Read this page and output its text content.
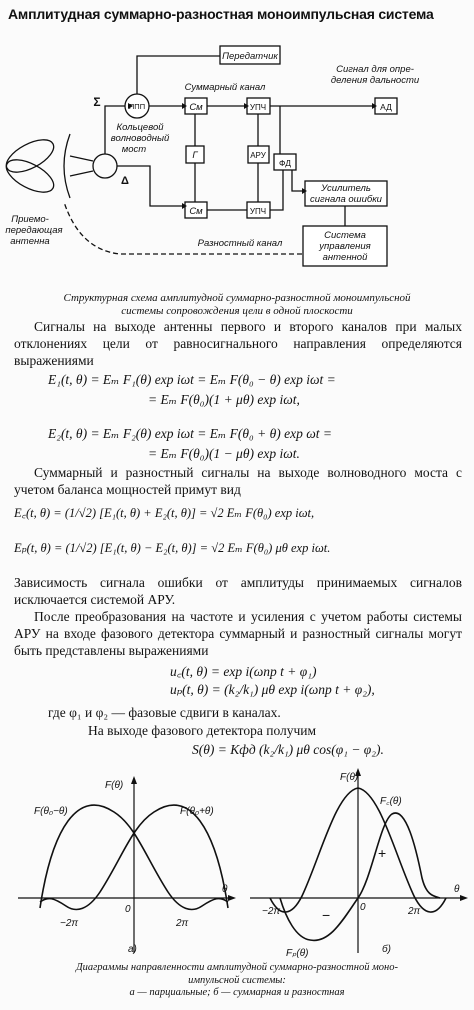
Амплитудная суммарно-разностная моноимпульсная система
Передатчик
ППП	См	УПЧ
Г	АРУ
ФД
См	УПЧ
АД
Усилитель
сигнала ошибки
Система
управления
антенной
Σ
Δ
Кольцевой
волноводный
мост
Суммарный канал
Сигнал для опре-
деления дальности
Приемо-
передающая
антенна	Разностный канал
Структурная схема амплитудной суммарно-разностной моноимпульсной
системы сопровождения цели в одной плоскости
Сигналы на выходе антенны первого и второго каналов при малых отклонениях цели от равносигнального направления определяются выражениями
E₁(t, θ) = Eₘ F₁(θ) exp iωt = Eₘ F(θ₀ − θ) exp iωt =
= Eₘ F(θ₀)(1 + μθ) exp iωt,
E₂(t, θ) = Eₘ F₂(θ) exp iωt = Eₘ F(θ₀ + θ) exp ωt =
= Eₘ F(θ₀)(1 − μθ) exp iωt.
Суммарный и разностный сигналы на выходе волноводного моста с учетом баланса мощностей примут вид
E꜀(t, θ) = (1/√2) [E₁(t, θ) + E₂(t, θ)] = √2 Eₘ F(θ₀) exp iωt,
Eₚ(t, θ) = (1/√2) [E₁(t, θ) − E₂(t, θ)] = √2 Eₘ F(θ₀) μθ exp iωt.
Зависимость сигнала ошибки от амплитуды принимаемых сигналов исключается системой АРУ.
После преобразования на частоте и усиления с учетом работы системы АРУ на входе фазового детектора суммарный и разностный сигналы могут быть представлены выражениями
u꜀(t, θ) = exp i(ωпр t + φ₁)
uₚ(t, θ) = (k₂/k₁) μθ exp i(ωпр t + φ₂),
где φ₁ и φ₂ — фазовые сдвиги в каналах.
На выходе фазового детектора получим
S(θ) = Kфд (k₂/k₁) μθ cos(φ₁ − φ₂).
F(θ)
F(θ₀−θ)	F(θ₀+θ)
0
θ
−2π	2π
а)
F(θ)
F꜀(θ)
Fₚ(θ)
+
−	0
θ
−2π	2π
б)
Диаграммы направленности амплитудной суммарно-разностной моно-
импульсной системы:
а — парциальные; б — суммарная и разностная
